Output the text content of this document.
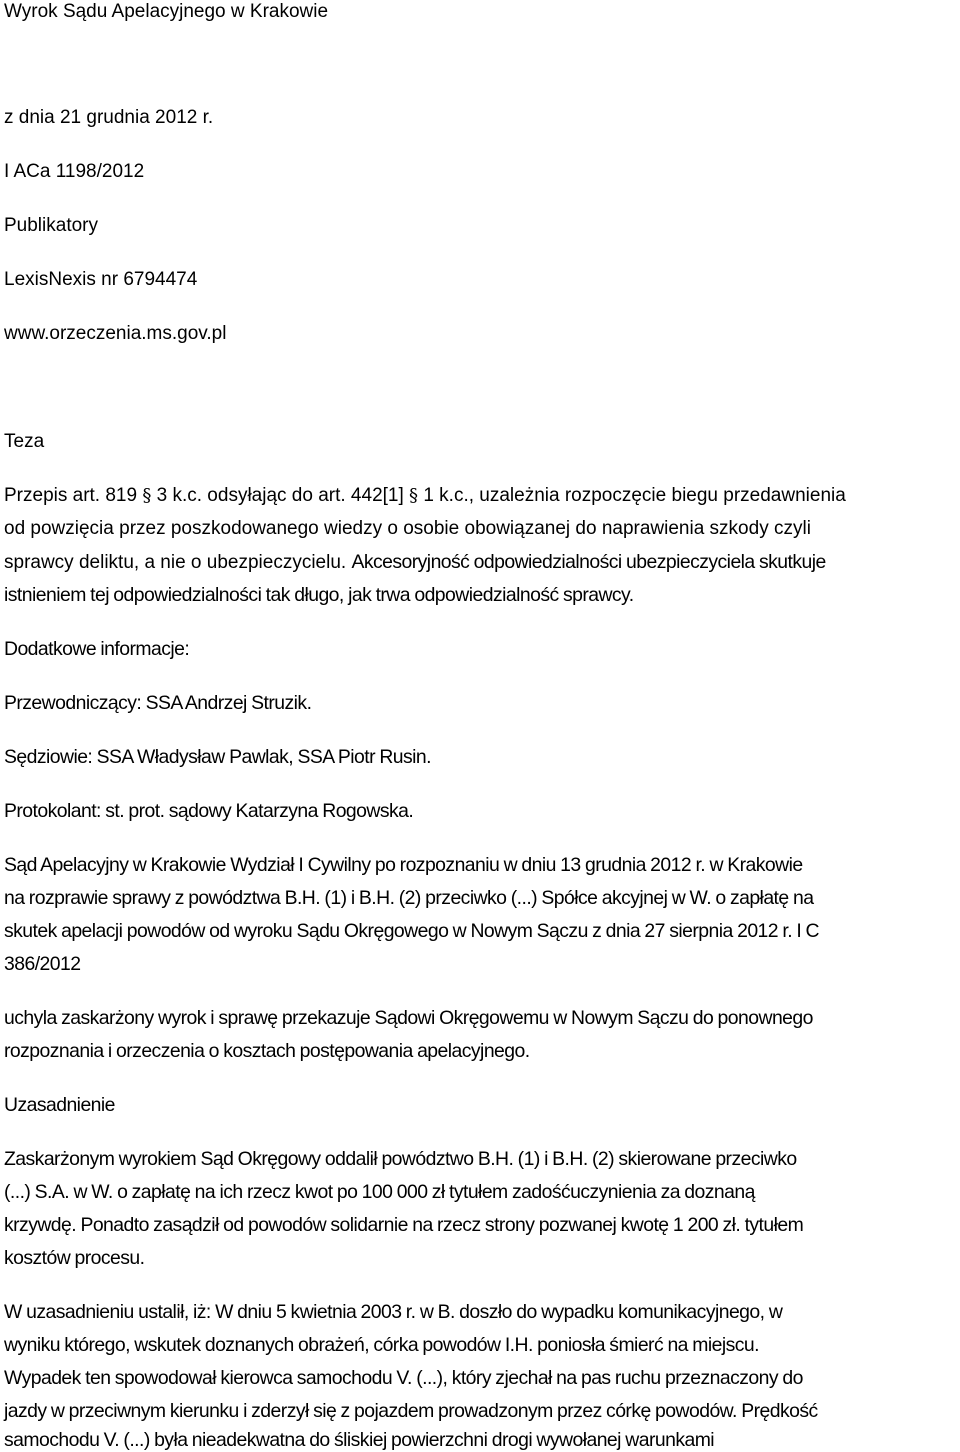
Wyrok Sądu Apelacyjnego w Krakowie
z dnia 21 grudnia 2012 r.
I ACa 1198/2012
Publikatory
LexisNexis nr 6794474
www.orzeczenia.ms.gov.pl
Teza
Przepis art. 819 § 3 k.c. odsyłając do art. 442[1] § 1 k.c., uzależnia rozpoczęcie biegu przedawnienia
od powzięcia przez poszkodowanego wiedzy o osobie obowiązanej do naprawienia szkody czyli
sprawcy deliktu, a nie o ubezpieczycielu. Akcesoryjność odpowiedzialności ubezpieczyciela skutkuje
istnieniem tej odpowiedzialności tak długo, jak trwa odpowiedzialność sprawcy.
Dodatkowe informacje:
Przewodniczący: SSA Andrzej Struzik.
Sędziowie: SSA Władysław Pawlak, SSA Piotr Rusin.
Protokolant: st. prot. sądowy Katarzyna Rogowska.
Sąd Apelacyjny w Krakowie Wydział I Cywilny po rozpoznaniu w dniu 13 grudnia 2012 r. w Krakowie
na rozprawie sprawy z powództwa B.H. (1) i B.H. (2) przeciwko (...) Spółce akcyjnej w W. o zapłatę na
skutek apelacji powodów od wyroku Sądu Okręgowego w Nowym Sączu z dnia 27 sierpnia 2012 r. I C
386/2012
uchyla zaskarżony wyrok i sprawę przekazuje Sądowi Okręgowemu w Nowym Sączu do ponownego
rozpoznania i orzeczenia o kosztach postępowania apelacyjnego.
Uzasadnienie
Zaskarżonym wyrokiem Sąd Okręgowy oddalił powództwo B.H. (1) i B.H. (2) skierowane przeciwko
(...) S.A. w W. o zapłatę na ich rzecz kwot po 100 000 zł tytułem zadośćuczynienia za doznaną
krzywdę. Ponadto zasądził od powodów solidarnie na rzecz strony pozwanej kwotę 1 200 zł. tytułem
kosztów procesu.
W uzasadnieniu ustalił, iż: W dniu 5 kwietnia 2003 r. w B. doszło do wypadku komunikacyjnego, w
wyniku którego, wskutek doznanych obrażeń, córka powodów I.H. poniosła śmierć na miejscu.
Wypadek ten spowodował kierowca samochodu V. (...), który zjechał na pas ruchu przeznaczony do
jazdy w przeciwnym kierunku i zderzył się z pojazdem prowadzonym przez córkę powodów. Prędkość
samochodu V. (...) była nieadekwatna do śliskiej powierzchni drogi wywołanej warunkami
